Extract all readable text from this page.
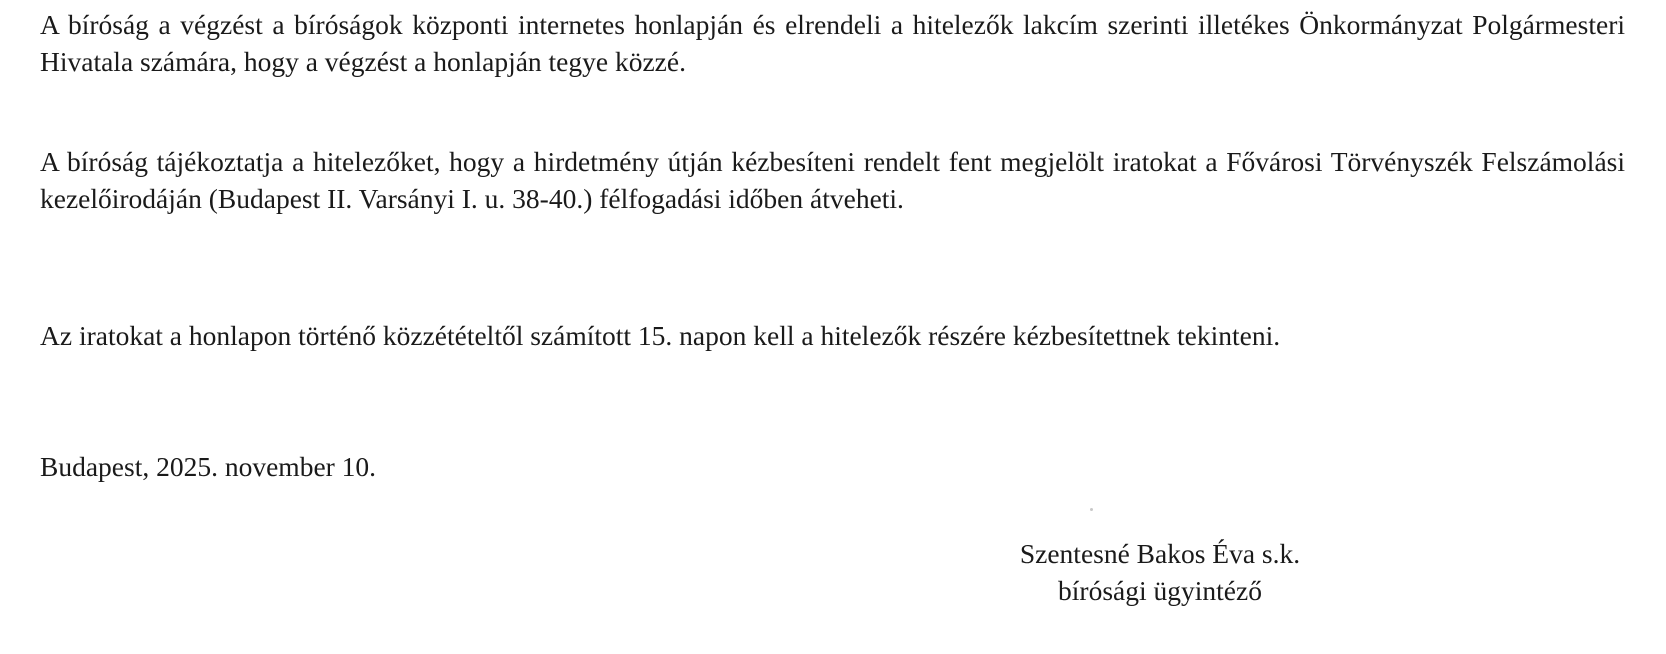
A bíróság a végzést a bíróságok központi internetes honlapján és elrendeli a hitelezők lakcím szerinti illetékes Önkormányzat Polgármesteri Hivatala számára, hogy a végzést a honlapján tegye közzé.

A bíróság tájékoztatja a hitelezőket, hogy a hirdetmény útján kézbesíteni rendelt fent megjelölt iratokat a Fővárosi Törvényszék Felszámolási kezelőirodáján (Budapest II. Varsányi I. u. 38-40.) félfogadási időben átveheti.

Az iratokat a honlapon történő közzétételtől számított 15. napon kell a hitelezők részére kézbesítettnek tekinteni.

Budapest, 2025. november 10.

Szentesné Bakos Éva s.k.
bírósági ügyintéző
